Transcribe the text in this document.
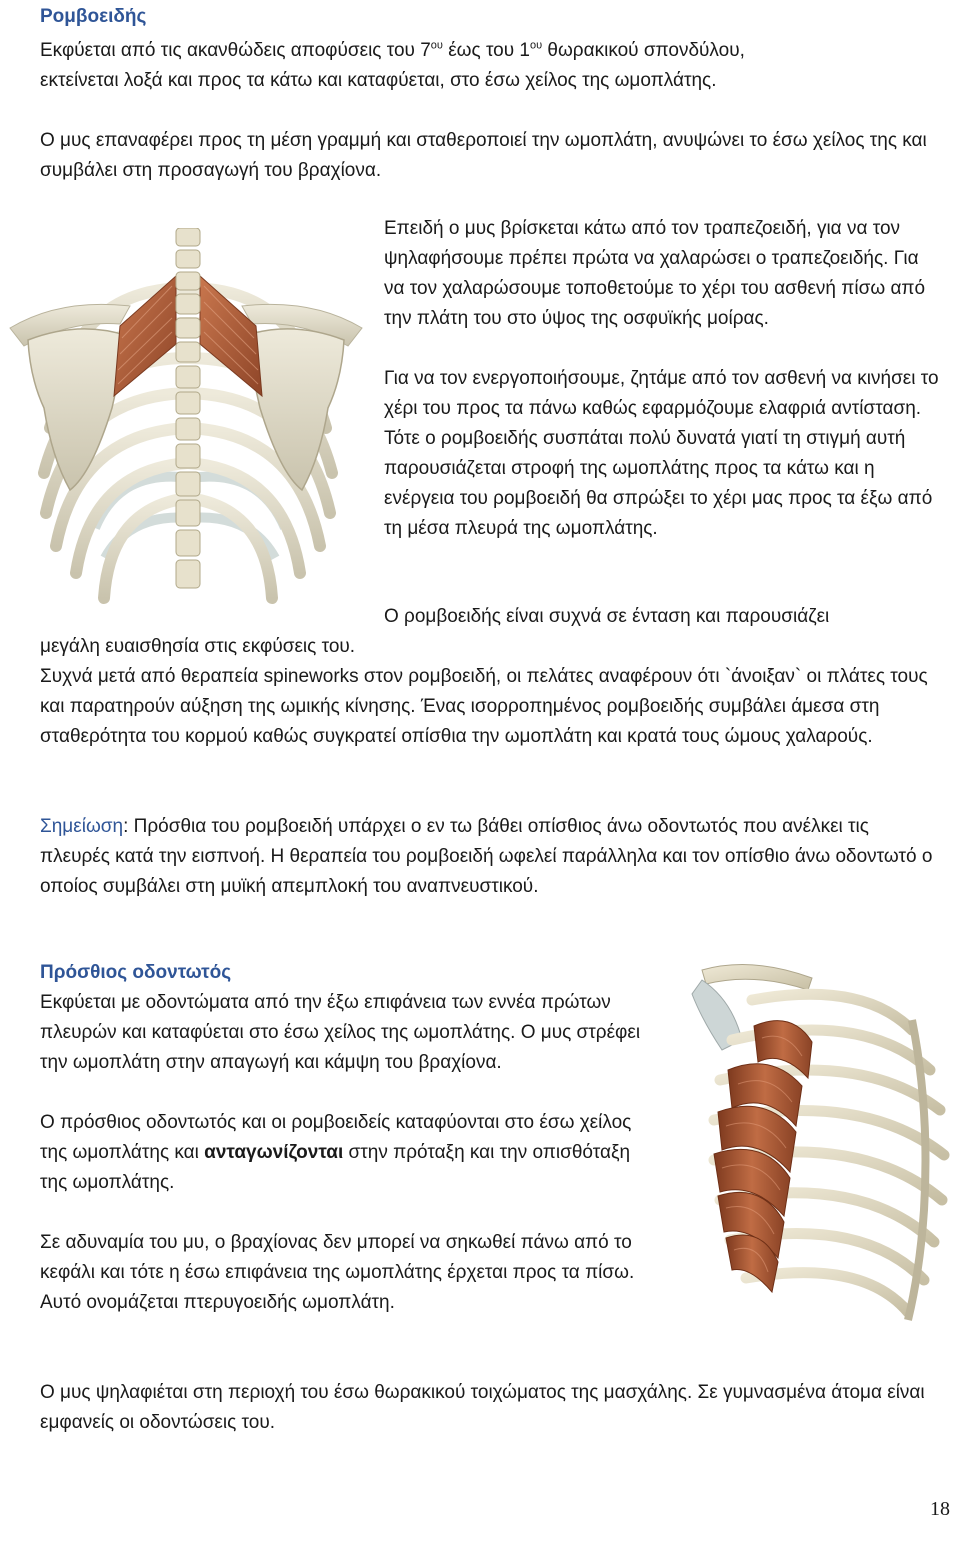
Ρομβοειδής
Εκφύεται από τις ακανθώδεις αποφύσεις του $7^{o\upsilon}$ έως του $1^{o\upsilon}$ θωρακικού σπονδύλου,
εκτείνεται λοξά και προς τα κάτω και καταφύεται, στο έσω χείλος της ωμοπλάτης.

Ο μυς επαναφέρει προς τη μέση γραμμή και σταθεροποιεί την ωμοπλάτη, ανυψώνει το έσω χείλος της και συμβάλει στη προσαγωγή του βραχίονα.

Επειδή ο μυς βρίσκεται κάτω από τον τραπεζοειδή, για να τον ψηλαφήσουμε πρέπει πρώτα να χαλαρώσει ο τραπεζοειδής. Για να τον χαλαρώσουμε τοποθετούμε το χέρι του ασθενή πίσω από την πλάτη του στο ύψος της οσφυϊκής μοίρας.

Για να τον ενεργοποιήσουμε, ζητάμε από τον ασθενή να κινήσει το χέρι του προς τα πάνω καθώς εφαρμόζουμε ελαφριά αντίσταση. Τότε ο ρομβοειδής συσπάται πολύ δυνατά γιατί τη στιγμή αυτή παρουσιάζεται στροφή της ωμοπλάτης προς τα κάτω και η ενέργεια του ρομβοειδή θα σπρώξει το χέρι μας προς τα έξω από τη μέσα πλευρά της ωμοπλάτης.

Ο ρομβοειδής είναι συχνά σε ένταση και παρουσιάζει
μεγάλη ευαισθησία στις εκφύσεις του.

Συχνά μετά από θεραπεία spineworks στον ρομβοειδή, οι πελάτες αναφέρουν ότι `άνοιξαν` οι πλάτες τους και παρατηρούν αύξηση της ωμικής κίνησης. Ένας ισορροπημένος ρομβοειδής συμβάλει άμεσα στη σταθερότητα του κορμού καθώς συγκρατεί οπίσθια την ωμοπλάτη και κρατά τους ώμους χαλαρούς.

Σημείωση: Πρόσθια του ρομβοειδή υπάρχει ο εν τω βάθει οπίσθιος άνω οδοντωτός που ανέλκει τις πλευρές κατά την εισπνοή. Η θεραπεία του ρομβοειδή ωφελεί παράλληλα και τον οπίσθιο άνω οδοντωτό ο οποίος συμβάλει στη μυϊκή απεμπλοκή του αναπνευστικού.

Πρόσθιος οδοντωτός

Εκφύεται με οδοντώματα από την έξω επιφάνεια των εννέα πρώτων πλευρών και καταφύεται στο έσω χείλος της ωμοπλάτης. Ο μυς στρέφει την ωμοπλάτη στην απαγωγή και κάμψη του βραχίονα.

Ο πρόσθιος οδοντωτός και οι ρομβοειδείς καταφύονται στο έσω χείλος της ωμοπλάτης και ανταγωνίζονται στην πρόταξη και την οπισθόταξη της ωμοπλάτης.

Σε αδυναμία του μυ, ο βραχίονας δεν μπορεί να σηκωθεί πάνω από το κεφάλι και τότε η έσω επιφάνεια της ωμοπλάτης έρχεται προς τα πίσω. Αυτό ονομάζεται πτερυγοειδής ωμοπλάτη.

Ο μυς ψηλαφιέται στη περιοχή του έσω θωρακικού τοιχώματος της μασχάλης. Σε γυμνασμένα άτομα είναι εμφανείς οι οδοντώσεις του.

18
